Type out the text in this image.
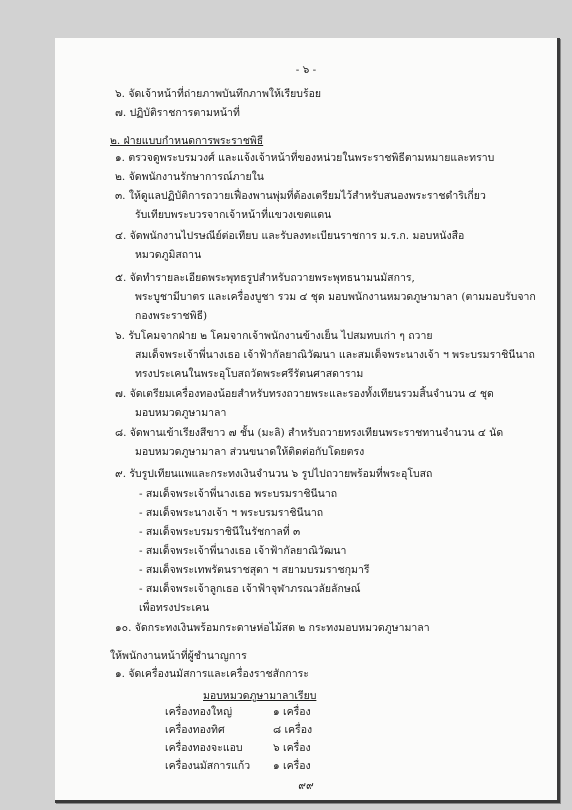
- ๖ -
๖. จัดเจ้าหน้าที่ถ่ายภาพบันทึกภาพให้เรียบร้อย
๗. ปฏิบัติราชการตามหน้าที่
๒. ฝ่ายแบบกำหนดการพระราชพิธี
๑. ตรวจดูพระบรมวงศ์ และแจ้งเจ้าหน้าที่ของหน่วยในพระราชพิธีตามหมายและทราบ
๒. จัดพนักงานรักษาการณ์ภายใน
๓. ให้ดูแลปฏิบัติการถวายเฟื่องพานพุ่มที่ต้องเตรียมไว้สำหรับสนองพระราชดำริเกี่ยว
รับเทียบพระบวรจากเจ้าหน้าที่แขวงเขตแดน
๔. จัดพนักงานไปรษณีย์ต่อเทียบ และรับลงทะเบียนราชการ ม.ร.ก. มอบหนังสือ
หมวดภูมิสถาน
๕. จัดทำรายละเอียดพระพุทธรูปสำหรับถวายพระพุทธนามนมัสการ,
พระบูชามีบาตร และเครื่องบูชา รวม ๔ ชุด มอบพนักงานหมวดภูษามาลา (ตามมอบรับจาก
กองพระราชพิธี)
๖. รับโคมจากฝ่าย ๒ โคมจากเจ้าพนักงานข้างเย็น ไปสมทบเก่า ๆ ถวาย
สมเด็จพระเจ้าพี่นางเธอ เจ้าฟ้ากัลยาณิวัฒนา และสมเด็จพระนางเจ้า ฯ พระบรมราชินีนาถ
ทรงประเคนในพระอุโบสถวัดพระศรีรัตนศาสดาราม
๗. จัดเตรียมเครื่องทองน้อยสำหรับทรงถวายพระและรองทั้งเทียนรวมสิ้นจำนวน ๔ ชุด
มอบหมวดภูษามาลา
๘. จัดพานเข้าเรียงสีขาว ๗ ชั้น (มะลิ) สำหรับถวายทรงเทียนพระราชทานจำนวน ๔ นัด
มอบหมวดภูษามาลา ส่วนขนาดให้ติดต่อกับโดยตรง
๙. รับรูปเทียนแพและกระทงเงินจำนวน ๖ รูปไปถวายพร้อมที่พระอุโบสถ
- สมเด็จพระเจ้าพี่นางเธอ พระบรมราชินีนาถ
- สมเด็จพระนางเจ้า ฯ พระบรมราชินีนาถ
- สมเด็จพระบรมราชินีในรัชกาลที่ ๓
- สมเด็จพระเจ้าพี่นางเธอ เจ้าฟ้ากัลยาณิวัฒนา
- สมเด็จพระเทพรัตนราชสุดา ฯ สยามบรมราชกุมารี
- สมเด็จพระเจ้าลูกเธอ เจ้าฟ้าจุฬาภรณวลัยลักษณ์
เพื่อทรงประเคน
๑๐. จัดกระทงเงินพร้อมกระดาษห่อไม้สด ๒ กระทงมอบหมวดภูษามาลา
ให้พนักงานหน้าที่ผู้ชำนาญการ
๑. จัดเครื่องนมัสการและเครื่องราชสักการะ
มอบหมวดภูษามาลาเรียบ
เครื่องทองใหญ่	๑ เครื่อง
เครื่องทองทิศ	๘ เครื่อง
เครื่องทองจะแอบ	๖ เครื่อง
เครื่องนมัสการแก้ว ๑ เครื่อง
๙๙
